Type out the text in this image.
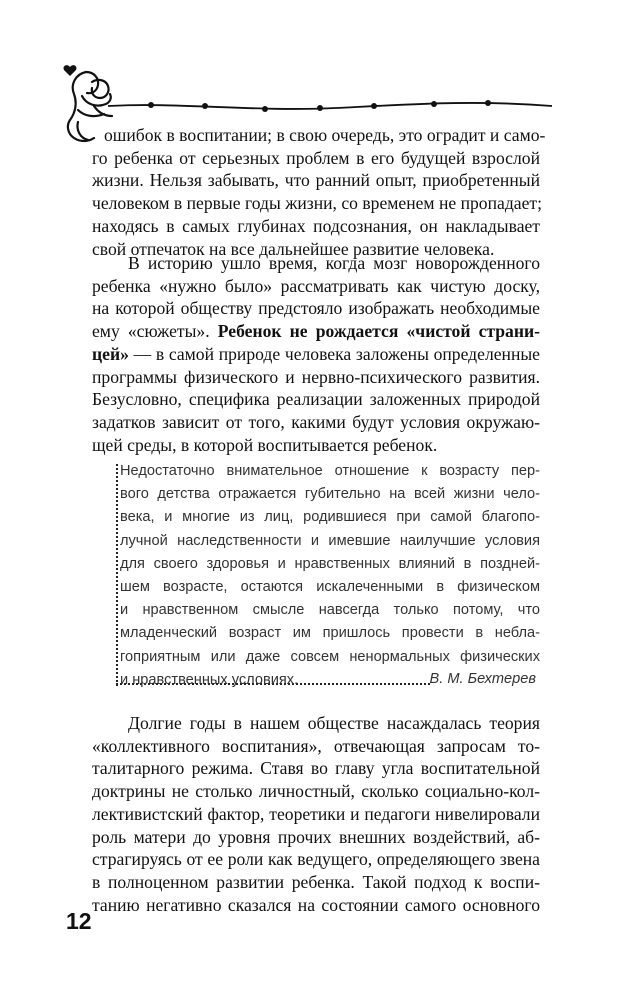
ошибок в воспитании; в свою очередь, это оградит и само-
го ребенка от серьезных проблем в его будущей взрослой
жизни. Нельзя забывать, что ранний опыт, приобретенный
человеком в первые годы жизни, со временем не пропадает;
находясь в самых глубинах подсознания, он накладывает
свой отпечаток на все дальнейшее развитие человека.
В историю ушло время, когда мозг новорожденного
ребенка «нужно было» рассматривать как чистую доску,
на которой обществу предстояло изображать необходимые
ему «сюжеты». Ребенок не рождается «чистой страни-
цей» — в самой природе человека заложены определенные
программы физического и нервно-психического развития.
Безусловно, специфика реализации заложенных природой
задатков зависит от того, какими будут условия окружаю-
щей среды, в которой воспитывается ребенок.
Недостаточно внимательное отношение к возрасту пер-
вого детства отражается губительно на всей жизни чело-
века, и многие из лиц, родившиеся при самой благопо-
лучной наследственности и имевшие наилучшие условия
для своего здоровья и нравственных влияний в поздней-
шем возрасте, остаются искалеченными в физическом
и нравственном смысле навсегда только потому, что
младенческий возраст им пришлось провести в неблa-
гоприятным или даже совсем ненормальных физических
и нравственных условиях.	В. М. Бехтерев
Долгие годы в нашем обществе насаждалась теория
«коллективного воспитания», отвечающая запросам то-
талитарного режима. Ставя во главу угла воспитательной
доктрины не столько личностный, сколько социально-кол-
лективистский фактор, теоретики и педагоги нивелировали
роль матери до уровня прочих внешних воздействий, аб-
страгируясь от ее роли как ведущего, определяющего звена
в полноценном развитии ребенка. Такой подход к воспи-
танию негативно сказался на состоянии самого основного
12
